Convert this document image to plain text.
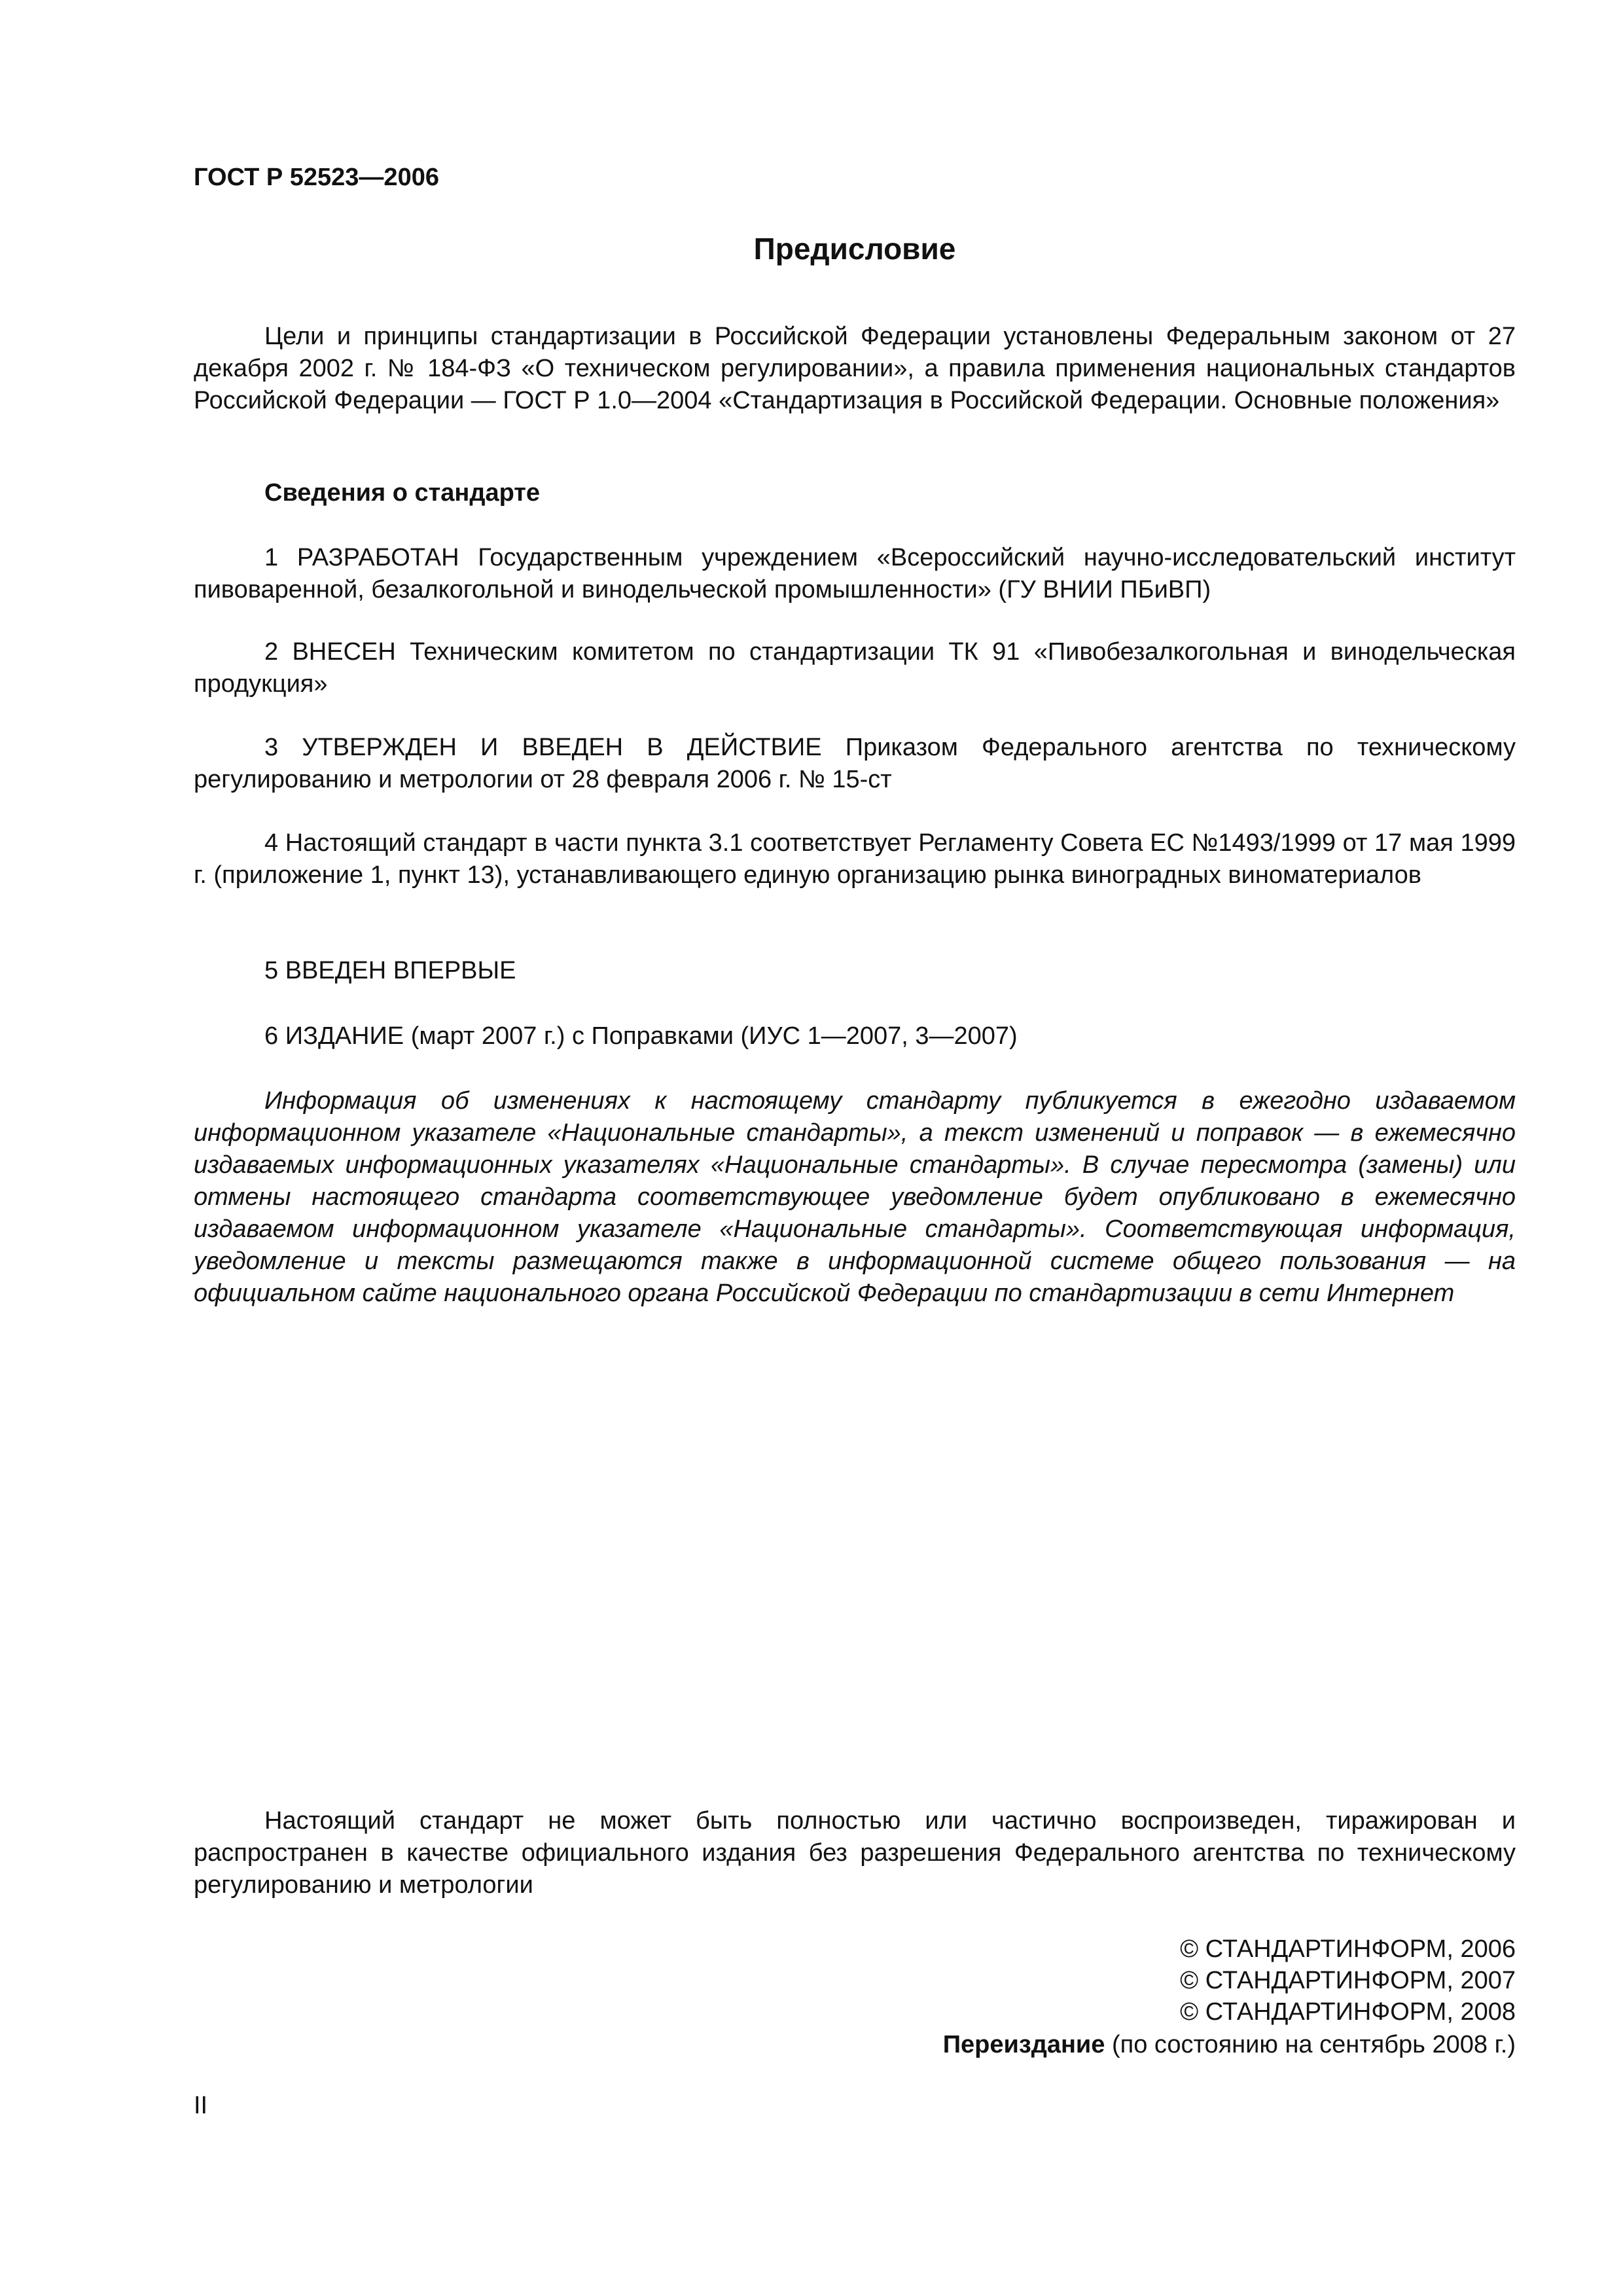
ГОСТ Р 52523—2006
Предисловие

Цели и принципы стандартизации в Российской Федерации установлены Федеральным законом от 27 декабря 2002 г. № 184-ФЗ «О техническом регулировании», а правила применения национальных стандартов Российской Федерации — ГОСТ Р 1.0—2004 «Стандартизация в Российской Федерации. Основные положения»

Сведения о стандарте

1 РАЗРАБОТАН Государственным учреждением «Всероссийский научно-исследовательский институт пивоваренной, безалкогольной и винодельческой промышленности» (ГУ ВНИИ ПБиВП)

2 ВНЕСЕН Техническим комитетом по стандартизации ТК 91 «Пивобезалкогольная и винодельческая продукция»

3 УТВЕРЖДЕН И ВВЕДЕН В ДЕЙСТВИЕ Приказом Федерального агентства по техническому регулированию и метрологии от 28 февраля 2006 г. № 15-ст

4 Настоящий стандарт в части пункта 3.1 соответствует Регламенту Совета ЕС №1493/1999 от 17 мая 1999 г. (приложение 1, пункт 13), устанавливающего единую организацию рынка виноградных виноматериалов

5 ВВЕДЕН ВПЕРВЫЕ
6 ИЗДАНИЕ (март 2007 г.) с Поправками (ИУС 1—2007, 3—2007)

Информация об изменениях к настоящему стандарту публикуется в ежегодно издаваемом информационном указателе «Национальные стандарты», а текст изменений и поправок — в ежемесячно издаваемых информационных указателях «Национальные стандарты». В случае пересмотра (замены) или отмены настоящего стандарта соответствующее уведомление будет опубликовано в ежемесячно издаваемом информационном указателе «Национальные стандарты». Соответствующая информация, уведомление и тексты размещаются также в информационной системе общего пользования — на официальном сайте национального органа Российской Федерации по стандартизации в сети Интернет

Настоящий стандарт не может быть полностью или частично воспроизведен, тиражирован и распространен в качестве официального издания без разрешения Федерального агентства по техническому регулированию и метрологии

© СТАНДАРТИНФОРМ, 2006
© СТАНДАРТИНФОРМ, 2007
© СТАНДАРТИНФОРМ, 2008
Переиздание (по состоянию на сентябрь 2008 г.)
II
